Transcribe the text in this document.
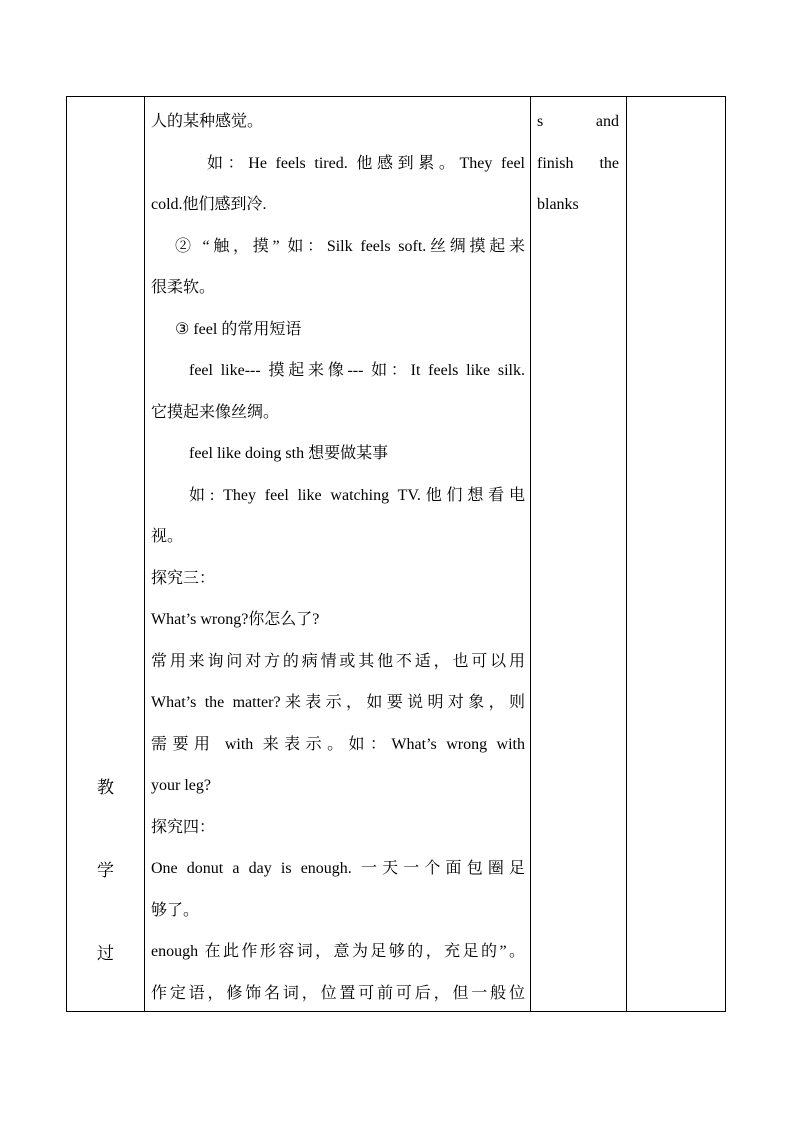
教
学
过
人的某种感觉。
如：He feels tired. 他感到累。They feel
cold.他们感到冷.
② “触，摸” 如：Silk feels soft.丝绸摸起来
很柔软。
③ feel 的常用短语
feel like--- 摸起来像--- 如：It feels like silk.
它摸起来像丝绸。
feel like doing sth 想要做某事
如: They feel like watching TV.他们想看电
视。
探究三：
What’s wrong?你怎么了?
常用来询问对方的病情或其他不适，也可以用
What’s the matter?来表示，如要说明对象，则
需要用 with 来表示。如：What’s wrong with
your leg?
探究四：
One donut a day is enough. 一天一个面包圈足
够了。
enough 在此作形容词，意为足够的，充足的”。
作定语，修饰名词，位置可前可后，但一般位
s and
finish the
blanks
